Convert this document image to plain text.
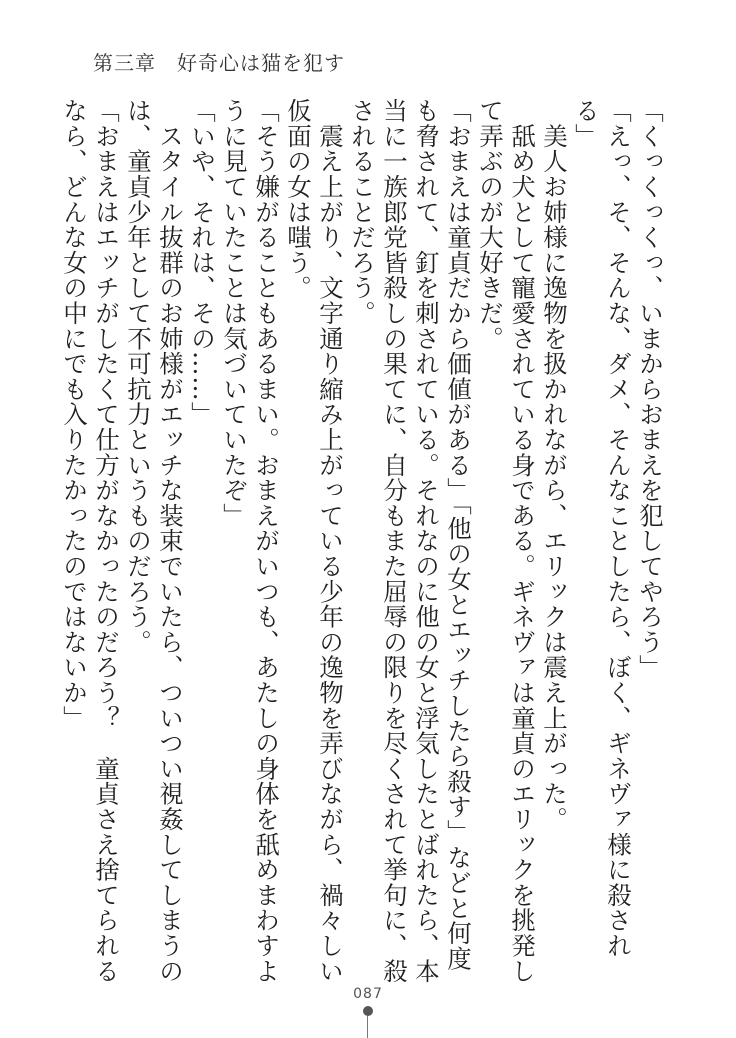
第三章　好奇心は猫を犯す

「くっくっくっ、いまからおまえを犯してやろう」

「えっ、そ、そんな、ダメ、そんなことしたら、ぼく、ギネヴァ様に殺される」

　美人お姉様に逸物を扱かれながら、エリックは震え上がった。

　舐め犬として寵愛されている身である。ギネヴァは童貞のエリックを挑発して弄ぶのが大好きだ。

「おまえは童貞だから価値がある」「他の女とエッチしたら殺す」などと何度も脅されて、釘を刺されている。それなのに他の女と浮気したとばれたら、本当に一族郎党皆殺しの果てに、自分もまた屈辱の限りを尽くされて挙句に、殺されることだろう。

　震え上がり、文字通り縮み上がっている少年の逸物を弄びながら、禍々しい仮面の女は嗤う。

「そう嫌がることもあるまい。おまえがいつも、あたしの身体を舐めまわすように見ていたことは気づいていたぞ」

「いや、それは、その……」

　スタイル抜群のお姉様がエッチな装束でいたら、ついつい視姦してしまうのは、童貞少年として不可抗力というものだろう。

「おまえはエッチがしたくて仕方がなかったのだろう？　童貞さえ捨てられるなら、どんな女の中にでも入りたかったのではないか」

087
